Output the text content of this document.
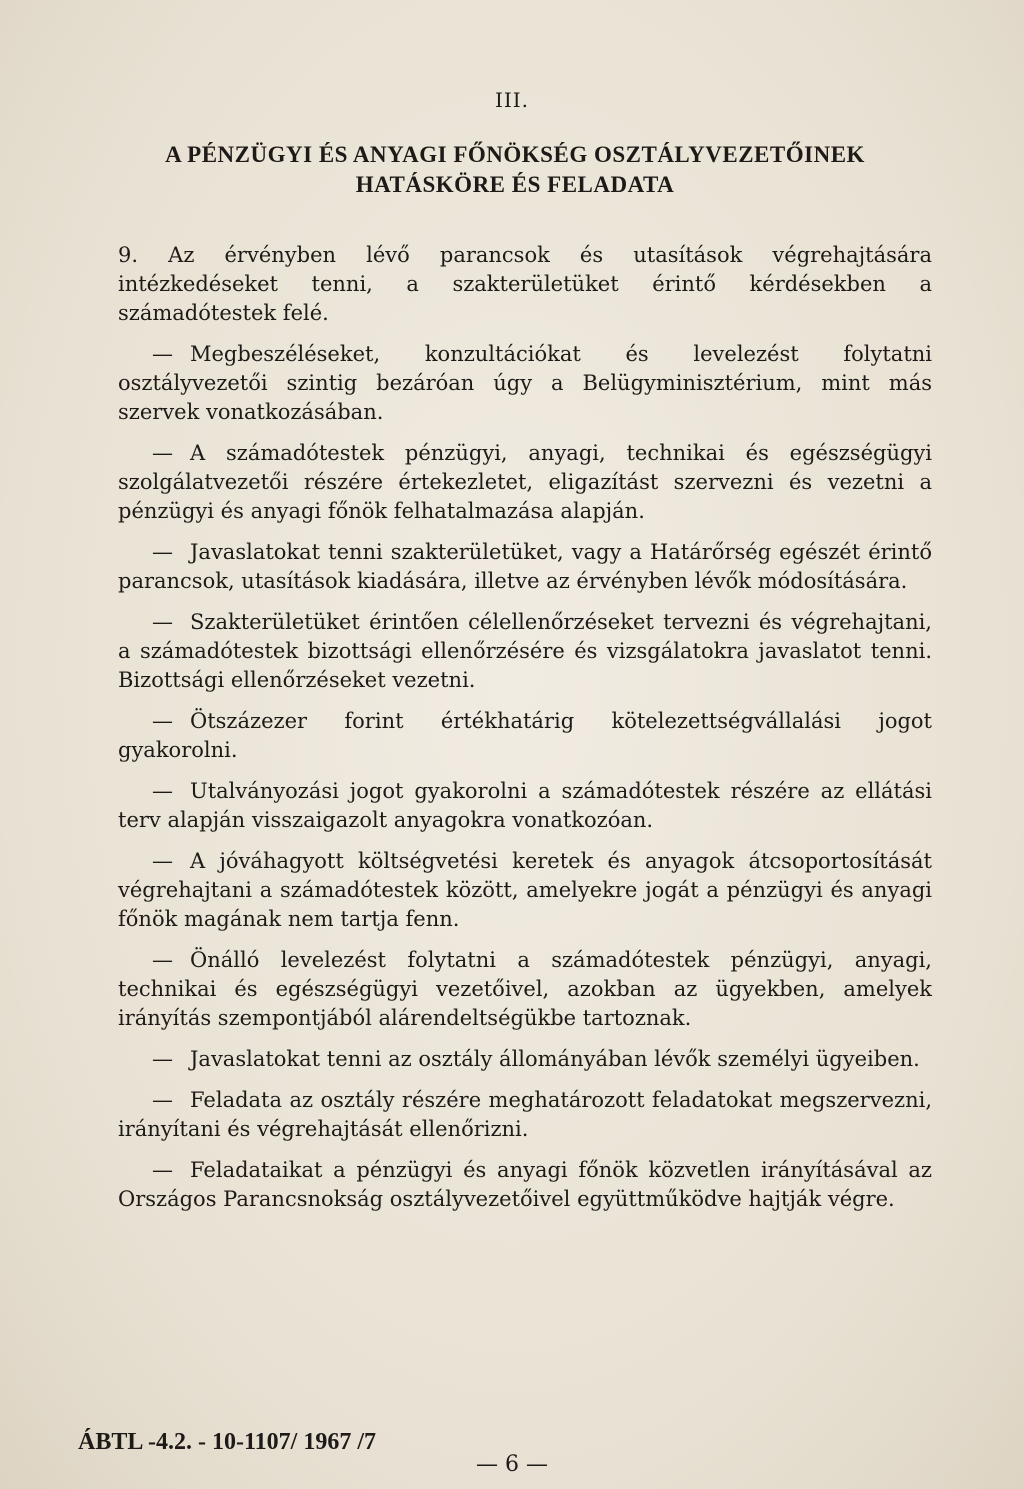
III.
A PÉNZÜGYI ÉS ANYAGI FŐNÖKSÉG OSZTÁLYVEZETŐINEK
HATÁSKÖRE ÉS FELADATA

9. Az érvényben lévő parancsok és utasítások végrehajtására intézkedéseket tenni, a szakterületüket érintő kérdésekben a számadótestek felé.

— Megbeszéléseket, konzultációkat és levelezést folytatni osztályvezetői szintig bezáróan úgy a Belügyminisztérium, mint más szervek vonatkozásában.

— A számadótestek pénzügyi, anyagi, technikai és egészségügyi szolgálatvezetői részére értekezletet, eligazítást szervezni és vezetni a pénzügyi és anyagi főnök felhatalmazása alapján.

— Javaslatokat tenni szakterületüket, vagy a Határőrség egészét érintő parancsok, utasítások kiadására, illetve az érvényben lévők módosítására.

— Szakterületüket érintően célellenőrzéseket tervezni és végrehajtani, a számadótestek bizottsági ellenőrzésére és vizsgálatokra javaslatot tenni. Bizottsági ellenőrzéseket vezetni.

— Ötszázezer forint értékhatárig kötelezettségvállalási jogot gyakorolni.

— Utalványozási jogot gyakorolni a számadótestek részére az ellátási terv alapján visszaigazolt anyagokra vonatkozóan.

— A jóváhagyott költségvetési keretek és anyagok átcsoportosítását végrehajtani a számadótestek között, amelyekre jogát a pénzügyi és anyagi főnök magának nem tartja fenn.

— Önálló levelezést folytatni a számadótestek pénzügyi, anyagi, technikai és egészségügyi vezetőivel, azokban az ügyekben, amelyek irányítás szempontjából alárendeltségükbe tartoznak.

— Javaslatokat tenni az osztály állományában lévők személyi ügyeiben.

— Feladata az osztály részére meghatározott feladatokat megszervezni, irányítani és végrehajtását ellenőrizni.

— Feladataikat a pénzügyi és anyagi főnök közvetlen irányításával az Országos Parancsnokság osztályvezetőivel együttműködve hajtják végre.

— 6 —
ÁBTL -4.2. - 10-1107/ 1967 /7
